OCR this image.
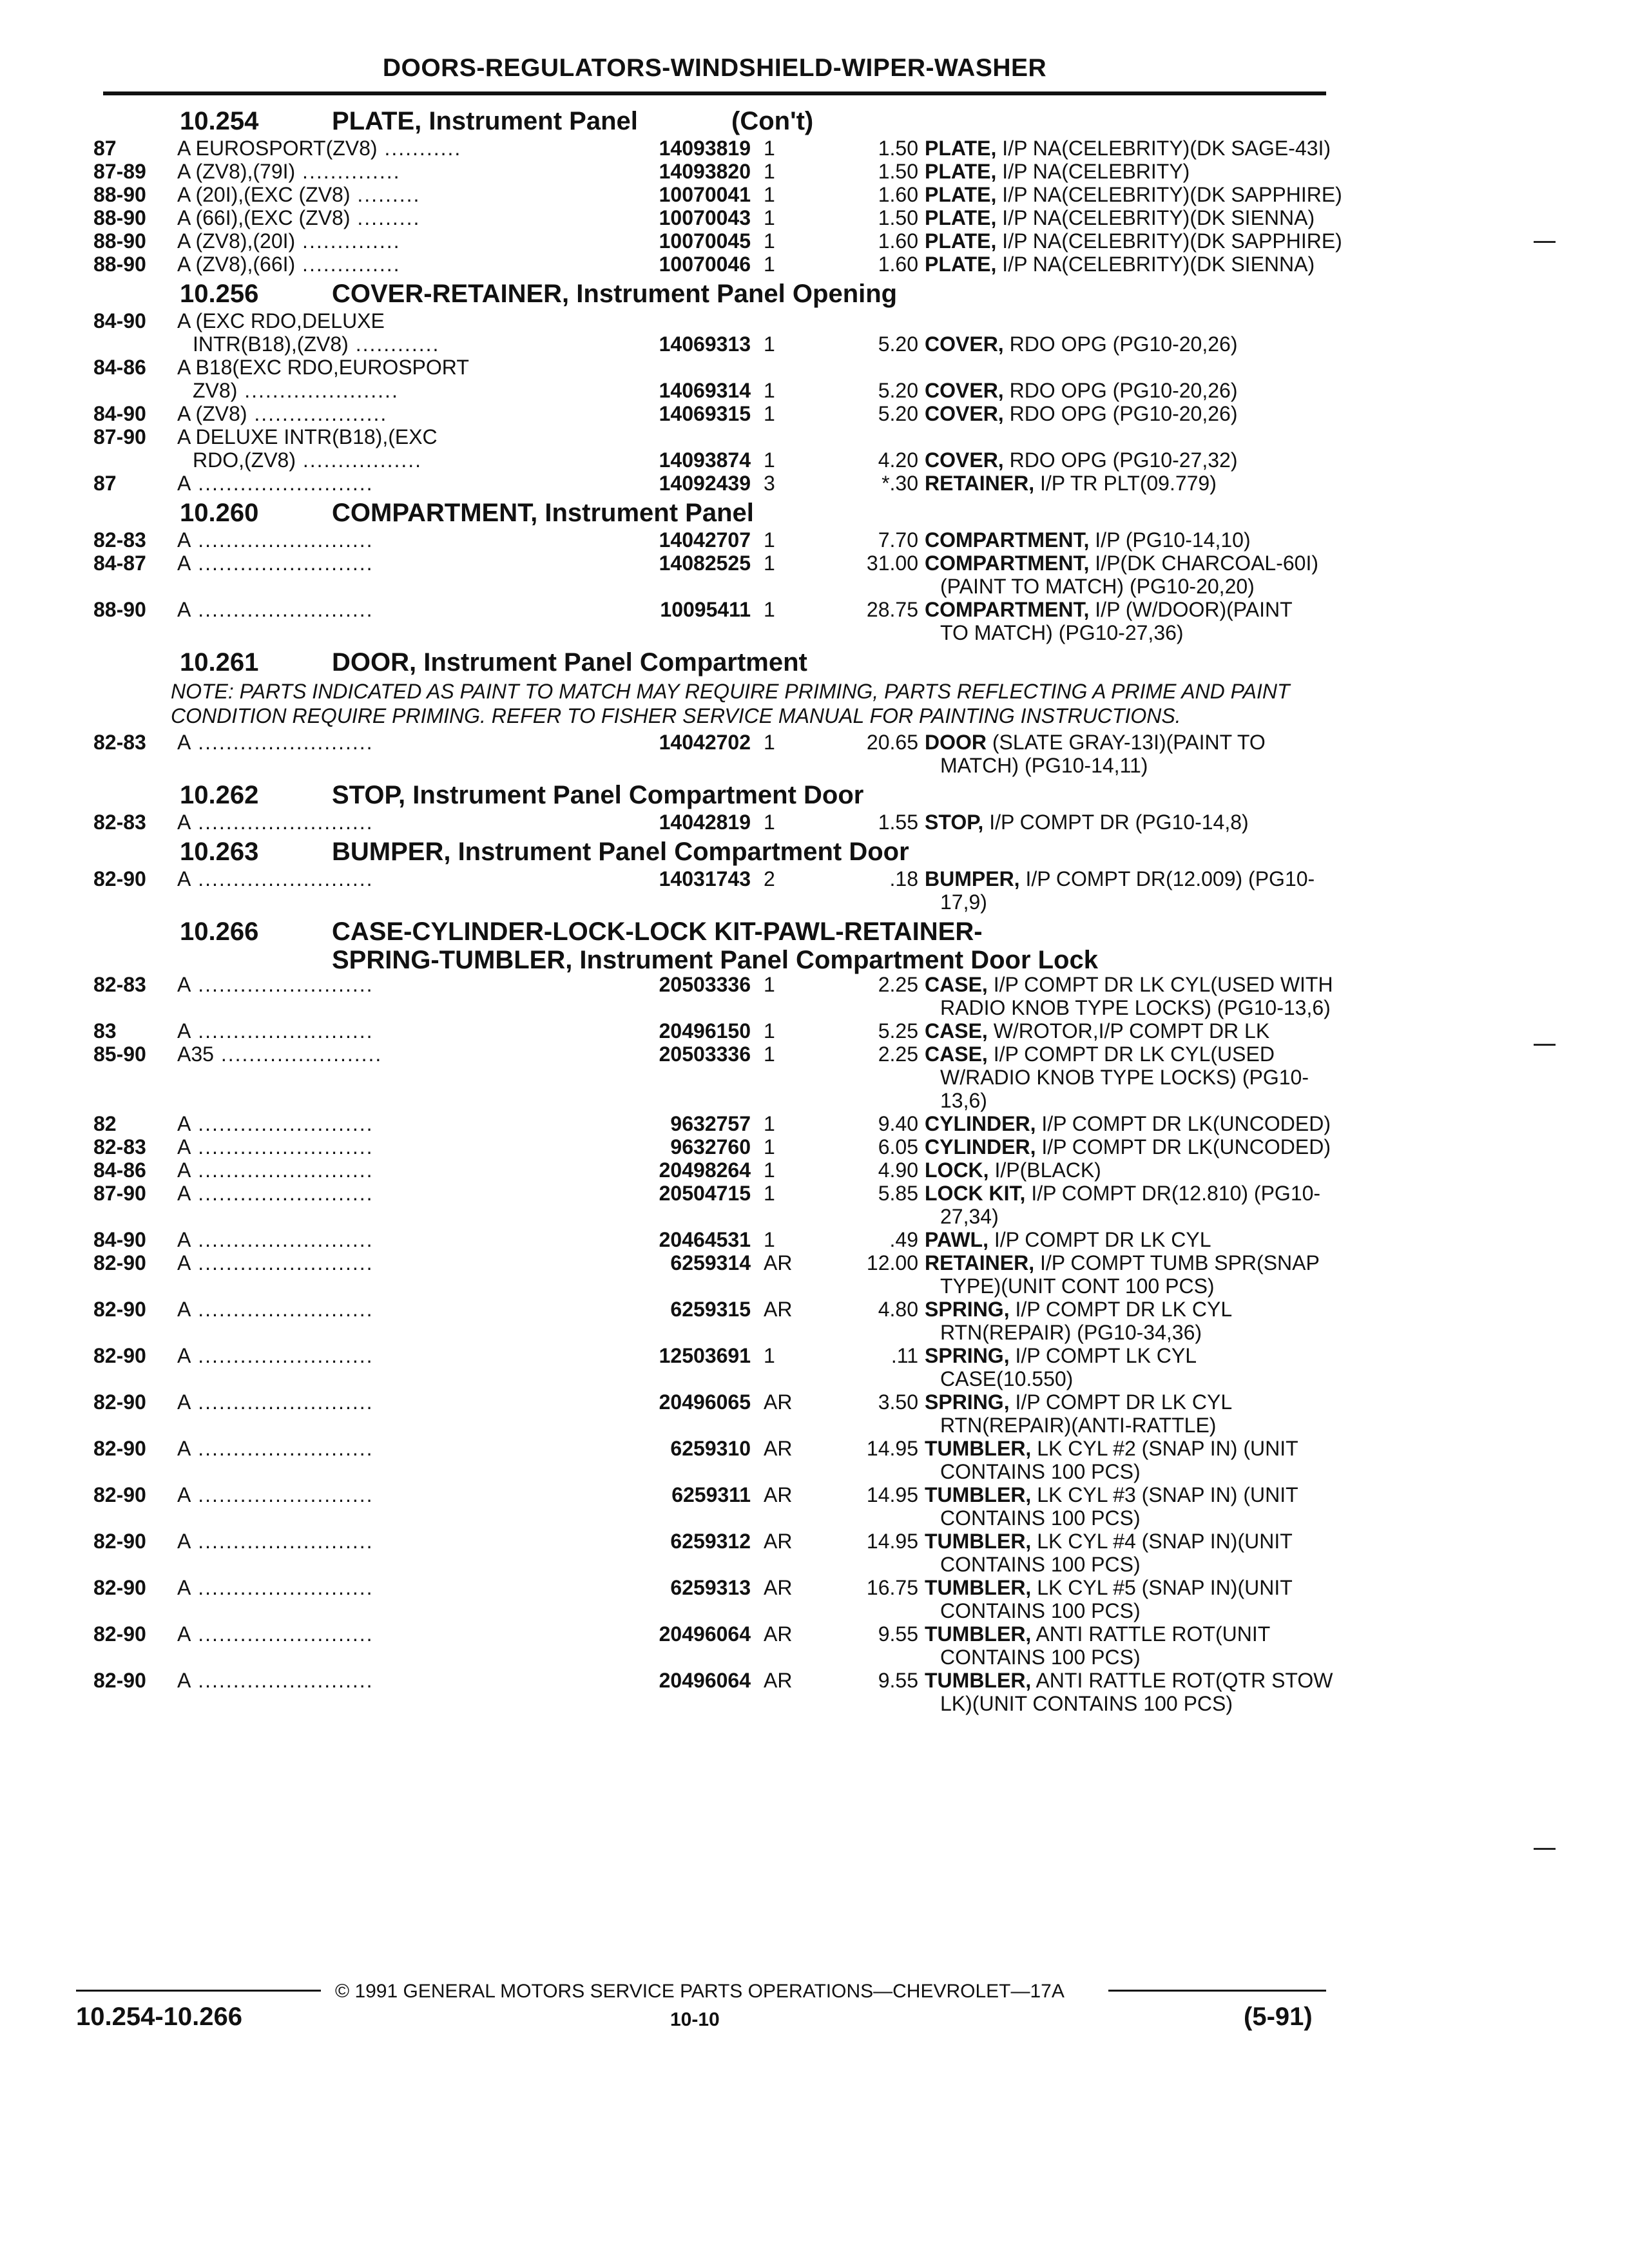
DOORS-REGULATORS-WINDSHIELD-WIPER-WASHER
10.254	PLATE, Instrument Panel	(Con't)
87	A EUROSPORT(ZV8) ...........	14093819 1	1.50 PLATE, I/P NA(CELEBRITY)(DK SAGE-43I)
87-89	A (ZV8),(79I) ..............	14093820 1	1.50 PLATE, I/P NA(CELEBRITY)
88-90	A (20I),(EXC (ZV8) .........	10070041 1	1.60 PLATE, I/P NA(CELEBRITY)(DK SAPPHIRE)
88-90	A (66I),(EXC (ZV8) .........	10070043 1	1.50 PLATE, I/P NA(CELEBRITY)(DK SIENNA)
88-90	A (ZV8),(20I) ..............	10070045 1	1.60 PLATE, I/P NA(CELEBRITY)(DK SAPPHIRE)
88-90	A (ZV8),(66I) ..............	10070046 1	1.60 PLATE, I/P NA(CELEBRITY)(DK SIENNA)
10.256	COVER-RETAINER, Instrument Panel Opening
84-90	A (EXC RDO,DELUXE
INTR(B18),(ZV8) ............	14069313 1	5.20 COVER, RDO OPG (PG10-20,26)
84-86	A B18(EXC RDO,EUROSPORT
ZV8) ......................	14069314 1	5.20 COVER, RDO OPG (PG10-20,26)
84-90	A (ZV8) ...................	14069315 1	5.20 COVER, RDO OPG (PG10-20,26)
87-90	A DELUXE INTR(B18),(EXC
RDO,(ZV8) .................	14093874 1	4.20 COVER, RDO OPG (PG10-27,32)
87	A .........................	14092439 3	*.30 RETAINER, I/P TR PLT(09.779)
10.260	COMPARTMENT, Instrument Panel
82-83	A .........................	14042707 1	7.70 COMPARTMENT, I/P (PG10-14,10)
84-87	A .........................	14082525 1	31.00 COMPARTMENT, I/P(DK CHARCOAL-60I)
(PAINT TO MATCH) (PG10-20,20)
88-90	A .........................	10095411 1	28.75 COMPARTMENT, I/P (W/DOOR)(PAINT
TO MATCH) (PG10-27,36)
10.261	DOOR, Instrument Panel Compartment
NOTE: PARTS INDICATED AS PAINT TO MATCH MAY REQUIRE PRIMING, PARTS REFLECTING A PRIME AND PAINT CONDITION REQUIRE PRIMING. REFER TO FISHER SERVICE MANUAL FOR PAINTING INSTRUCTIONS.
82-83	A .........................	14042702 1	20.65 DOOR (SLATE GRAY-13I)(PAINT TO
MATCH) (PG10-14,11)
10.262	STOP, Instrument Panel Compartment Door
82-83	A .........................	14042819 1	1.55 STOP, I/P COMPT DR (PG10-14,8)
10.263	BUMPER, Instrument Panel Compartment Door
82-90	A .........................	14031743 2	.18 BUMPER, I/P COMPT DR(12.009) (PG10-
17,9)
10.266	CASE-CYLINDER-LOCK-LOCK KIT-PAWL-RETAINER-
SPRING-TUMBLER, Instrument Panel Compartment Door Lock
82-83	A .........................	20503336 1	2.25 CASE, I/P COMPT DR LK CYL(USED WITH
RADIO KNOB TYPE LOCKS) (PG10-13,6)
83	A .........................	20496150 1	5.25 CASE, W/ROTOR,I/P COMPT DR LK
85-90	A35 .......................	20503336 1	2.25 CASE, I/P COMPT DR LK CYL(USED
W/RADIO KNOB TYPE LOCKS) (PG10-
13,6)
82	A .........................	9632757 1	9.40 CYLINDER, I/P COMPT DR LK(UNCODED)
82-83	A .........................	9632760 1	6.05 CYLINDER, I/P COMPT DR LK(UNCODED)
84-86	A .........................	20498264 1	4.90 LOCK, I/P(BLACK)
87-90	A .........................	20504715 1	5.85 LOCK KIT, I/P COMPT DR(12.810) (PG10-
27,34)
84-90	A .........................	20464531 1	.49 PAWL, I/P COMPT DR LK CYL
82-90	A .........................	6259314 AR	12.00 RETAINER, I/P COMPT TUMB SPR(SNAP
TYPE)(UNIT CONT 100 PCS)
82-90	A .........................	6259315 AR	4.80 SPRING, I/P COMPT DR LK CYL
RTN(REPAIR) (PG10-34,36)
82-90	A .........................	12503691 1	.11 SPRING, I/P COMPT LK CYL
CASE(10.550)
82-90	A .........................	20496065 AR	3.50 SPRING, I/P COMPT DR LK CYL
RTN(REPAIR)(ANTI-RATTLE)
82-90	A .........................	6259310 AR	14.95 TUMBLER, LK CYL #2 (SNAP IN) (UNIT
CONTAINS 100 PCS)
82-90	A .........................	6259311 AR	14.95 TUMBLER, LK CYL #3 (SNAP IN) (UNIT
CONTAINS 100 PCS)
82-90	A .........................	6259312 AR	14.95 TUMBLER, LK CYL #4 (SNAP IN)(UNIT
CONTAINS 100 PCS)
82-90	A .........................	6259313 AR	16.75 TUMBLER, LK CYL #5 (SNAP IN)(UNIT
CONTAINS 100 PCS)
82-90	A .........................	20496064 AR	9.55 TUMBLER, ANTI RATTLE ROT(UNIT
CONTAINS 100 PCS)
82-90	A .........................	20496064 AR	9.55 TUMBLER, ANTI RATTLE ROT(QTR STOW
LK)(UNIT CONTAINS 100 PCS)
© 1991 GENERAL MOTORS SERVICE PARTS OPERATIONS—CHEVROLET—17A
10.254-10.266	10-10	(5-91)
